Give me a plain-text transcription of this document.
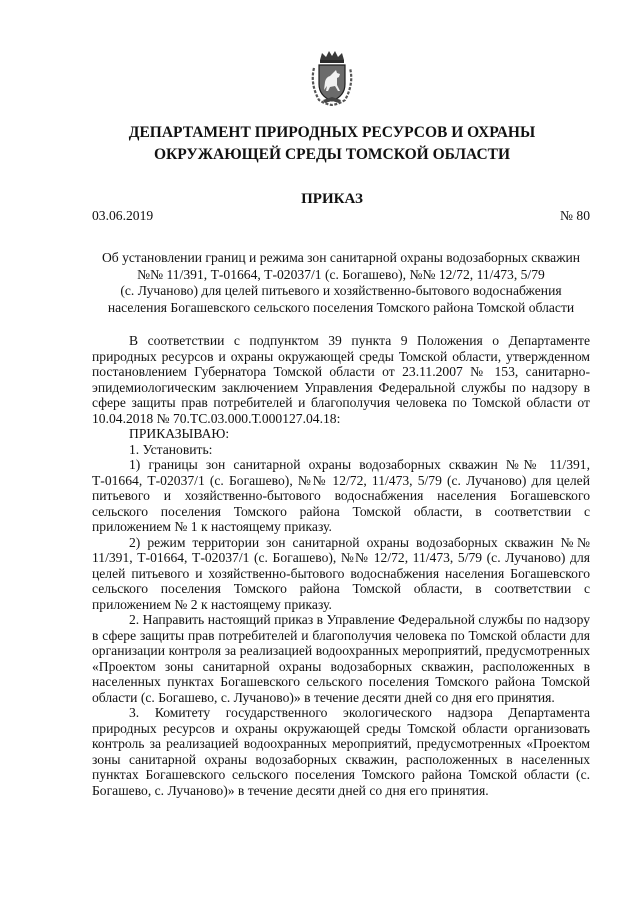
ДЕПАРТАМЕНТ ПРИРОДНЫХ РЕСУРСОВ И ОХРАНЫ
ОКРУЖАЮЩЕЙ СРЕДЫ ТОМСКОЙ ОБЛАСТИ
ПРИКАЗ
03.06.2019	№ 80
Об установлении границ и режима зон санитарной охраны водозаборных скважин
№№ 11/391, Т-01664, Т-02037/1 (с. Богашево), №№ 12/72, 11/473, 5/79
(с. Лучаново) для целей питьевого и хозяйственно-бытового водоснабжения
населения Богашевского сельского поселения Томского района Томской области

В соответствии с подпунктом 39 пункта 9 Положения о Департаменте природных ресурсов и охраны окружающей среды Томской области, утвержденном постановлением Губернатора Томской области от 23.11.2007 № 153, санитарно-эпидемиологическим заключением Управления Федеральной службы по надзору в сфере защиты прав потребителей и благополучия человека по Томской области от 10.04.2018 № 70.ТС.03.000.Т.000127.04.18:

ПРИКАЗЫВАЮ:

1. Установить:

1) границы зон санитарной охраны водозаборных скважин №№ 11/391, Т-01664, Т-02037/1 (с. Богашево), №№ 12/72, 11/473, 5/79 (с. Лучаново) для целей питьевого и хозяйственно-бытового водоснабжения населения Богашевского сельского поселения Томского района Томской области, в соответствии с приложением № 1 к настоящему приказу.

2) режим территории зон санитарной охраны водозаборных скважин №№ 11/391, Т-01664, Т-02037/1 (с. Богашево), №№ 12/72, 11/473, 5/79 (с. Лучаново) для целей питьевого и хозяйственно-бытового водоснабжения населения Богашевского сельского поселения Томского района Томской области, в соответствии с приложением № 2 к настоящему приказу.

2. Направить настоящий приказ в Управление Федеральной службы по надзору в сфере защиты прав потребителей и благополучия человека по Томской области для организации контроля за реализацией водоохранных мероприятий, предусмотренных «Проектом зоны санитарной охраны водозаборных скважин, расположенных в населенных пунктах Богашевского сельского поселения Томского района Томской области (с. Богашево, с. Лучаново)» в течение десяти дней со дня его принятия.

3. Комитету государственного экологического надзора Департамента природных ресурсов и охраны окружающей среды Томской области организовать контроль за реализацией водоохранных мероприятий, предусмотренных «Проектом зоны санитарной охраны водозаборных скважин, расположенных в населенных пунктах Богашевского сельского поселения Томского района Томской области (с. Богашево, с. Лучаново)» в течение десяти дней со дня его принятия.
